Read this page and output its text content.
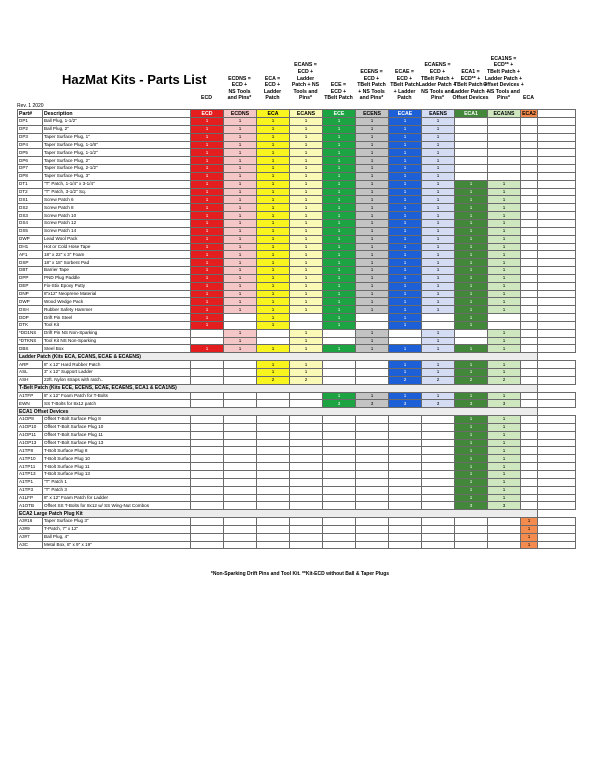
ECD
ECDNS =
ECD +
NS Tools
and Pins*
ECA =
ECD +
Ladder
Patch
ECANS =
ECD +
Ladder
Patch + NS
Tools and
Pins*
ECE =
ECD +
TBelt Patch
ECENS =
ECD +
TBelt Patch
+ NS Tools
and Pins*
ECAE =
ECD +
TBelt Patch
+ Ladder
Patch
ECAENS =
ECD +
TBelt Patch +
Ladder Patch +
NS Tools and
Pins*
ECA1 =
ECD** +
TBelt Patch +
Ladder Patch +
Offset Devices
ECA1NS =
ECD** +
TBelt Patch +
Ladder Patch +
Offset Devices +
NS Tools and
Pins*	ECA
HazMat Kits - Parts List
Rev. 1 2020
Part#	Description	ECD	ECDNS	ECA	ECANS	ECE	ECENS	ECAE	EAENS	ECA1	ECA1NS	ECA2	
DP1	Ball Plug, 1-1/2"	1	1	1	1	1	1	1	1				
DP2	Ball Plug, 2"	1	1	1	1	1	1	1	1				
DP3	Taper Surface Plug, 1"	1	1	1	1	1	1	1	1				
DP4	Taper Surface Plug, 1-1/8"	1	1	1	1	1	1	1	1				
DP5	Taper Surface Plug, 1-1/2"	1	1	1	1	1	1	1	1				
DP6	Taper Surface Plug, 2"	1	1	1	1	1	1	1	1				
DP7	Taper Surface Plug, 2-1/2"	1	1	1	1	1	1	1	1				
DP8	Taper Surface Plug, 3"	1	1	1	1	1	1	1	1				
DT1	"T" Patch, 1-1/4" x 3-1/4"	1	1	1	1	1	1	1	1	1	1		
DT2	"T" Patch, 3-1/2" Sq.	1	1	1	1	1	1	1	1	1	1		
DS1	Screw Patch 6	1	1	1	1	1	1	1	1	1	1		
DS2	Screw Patch 8	1	1	1	1	1	1	1	1	1	1		
DS3	Screw Patch 10	1	1	1	1	1	1	1	1	1	1		
DS4	Screw Patch 12	1	1	1	1	1	1	1	1	1	1		
DS5	Screw Patch 14	1	1	1	1	1	1	1	1	1	1		
DWP	Lead Wool Pack	1	1	1	1	1	1	1	1	1	1		
DH1	Hot or Cold Hose Tape	1	1	1	1	1	1	1	1	1	1		
AF1	18" x 22" x 3" Foam	1	1	1	1	1	1	1	1	1	1		
DSP	18" x 18" Sorbent Pad	1	1	1	1	1	1	1	1	1	1		
DBT	Barrier Tape	1	1	1	1	1	1	1	1	1	1		
DPP	PND Plug Paddle	1	1	1	1	1	1	1	1	1	1		
DEP	Fix-Stix Epoxy Putty	1	1	1	1	1	1	1	1	1	1		
DNP	8"x12" Neoprene Material	1	1	1	1	1	1	1	1	1	1		
DWP	Wood Wedge Pack	1	1	1	1	1	1	1	1	1	1		
DSH	Rubber Safety Hammer	1	1	1	1	1	1	1	1	1	1		
DDP	Drift Pin Steel	1		1		1		1		1			
DTK	Tool Kit	1		1		1		1		1			
*DD1NS	Drift Pin NS Non-Sparking		1		1		1		1		1		
*DTKNS	Tool Kit NS Non-Sparking		1		1		1		1		1		
DBS	Steel Box	1	1	1	1	1	1	1	1	1	1		
Ladder Patch (Kits ECA, ECANS, ECAE & ECAENS)													
ARP	8" x 12" Hard Rubber Patch			1	1			1	1	1	1		
ASL	3" x 12" Support Ladder			1	1			1	1	1	1		
ASH	22ft. Nylon straps with ratch..			2	2			2	2	2	2		
T-Belt Patch (Kits ECE, ECENS, ECAE, ECAENS, ECA1 & ECA1NS)													
A1TFP	8" x 12" Foam Patch for T-Bolts					1	1	1	1	1	1		
EWN	SS T-Bolts for 8x12 patch					3	3	3	3	3	3		
ECA1 Offset Devices													
A1OP8	Offset T-Bolt Surface Plug 8									1	1		
A1OP10	Offset T-Bolt Surface Plug 10									1	1		
A1OP11	Offset T-Bolt Surface Plug 11									1	1		
A1OP13	Offset T-Bolt Surface Plug 13									1	1		
A1TP8	T-Bolt Surface Plug 8									1	1		
A1TP10	T-Bolt Surface Plug 10									1	1		
A1TP11	T-Bolt Surface Plug 11									1	1		
A1TP13	T-Bolt Surface Plug 13									1	1		
A1TP1	"T" Patch 1									1	1		
A1TP3	"T" Patch 3									1	1		
A1LFP	8" x 12" Foam Patch for Ladder									1	1		
A1OTB	Offset SS T-Bolts for 8x12 w/ SS Wing-Nut Combos									3	3		
ECA2 Large Patch Plug Kit													
A3#16	Taper Surface Plug 3"											1	
A3#9	T-Patch, 7" x 12"											1	
A3#7	Ball Plug, 4"											1	
A3C	Metal Box, 8" x 9" x 19"											1	
*Non-Sparking Drift Pins and Tool Kit. **Kit-ECD without Ball & Taper Plugs
